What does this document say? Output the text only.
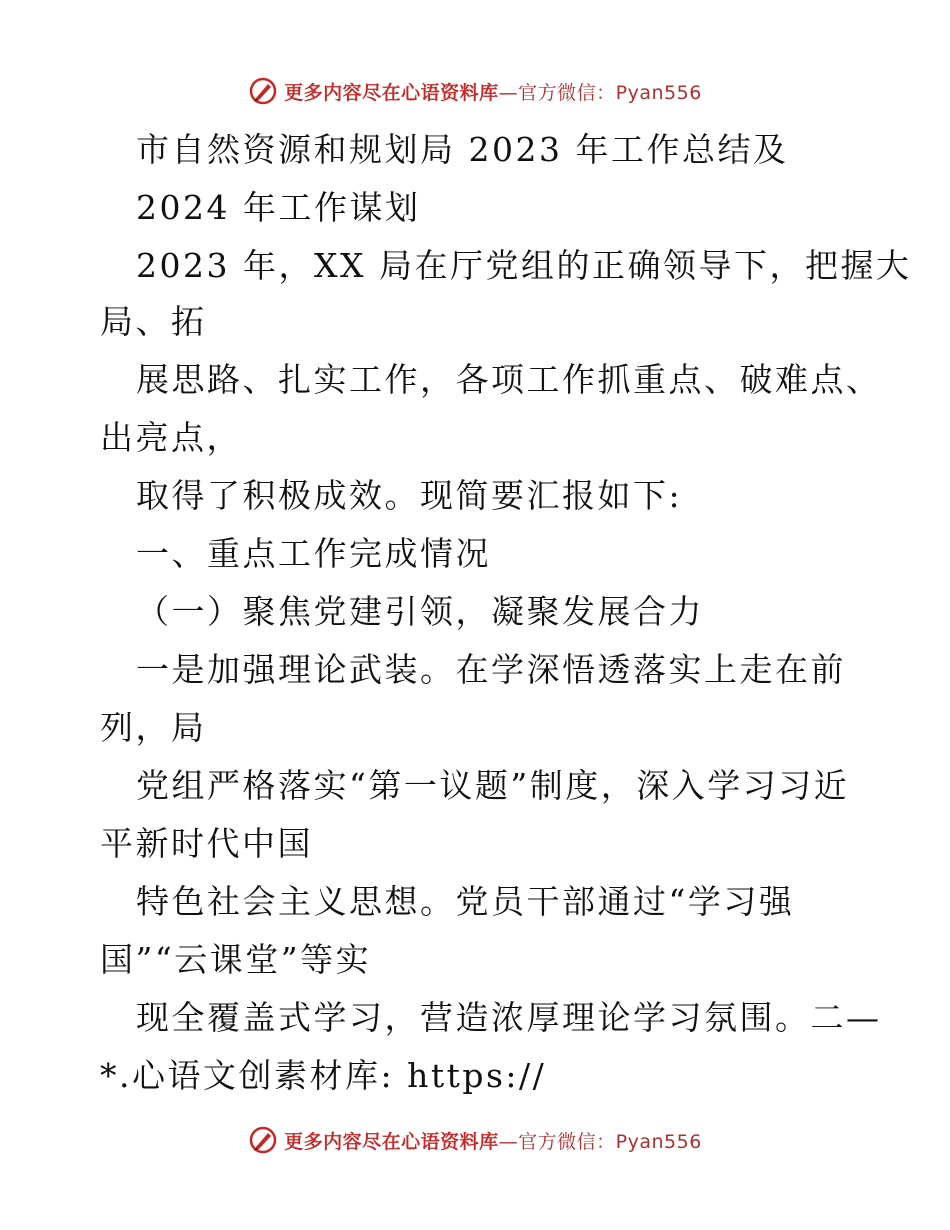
更多内容尽在心语资料库—官方微信：Pyan556
市自然资源和规划局 2023 年工作总结及
2024 年工作谋划
2023 年，XX 局在厅党组的正确领导下，把握大
局、拓
展思路、扎实工作，各项工作抓重点、破难点、
出亮点，
取得了积极成效。现简要汇报如下:
一、重点工作完成情况
（一）聚焦党建引领，凝聚发展合力
一是加强理论武装。在学深悟透落实上走在前
列，局
党组严格落实“第一议题”制度，深入学习习近
平新时代中国
特色社会主义思想。党员干部通过“学习强
国”“云课堂”等实
现全覆盖式学习，营造浓厚理论学习氛围。二—
*.心语文创素材库: https://
更多内容尽在心语资料库—官方微信：Pyan556
